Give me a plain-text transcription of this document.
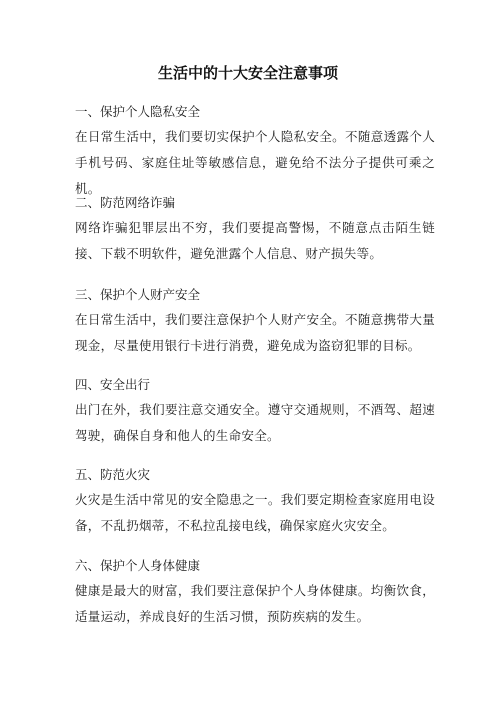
生活中的十大安全注意事项

一、保护个人隐私安全

在日常生活中，我们要切实保护个人隐私安全。不随意透露个人手机号码、家庭住址等敏感信息，避免给不法分子提供可乘之机。

二、防范网络诈骗

网络诈骗犯罪层出不穷，我们要提高警惕，不随意点击陌生链接、下载不明软件，避免泄露个人信息、财产损失等。

三、保护个人财产安全

在日常生活中，我们要注意保护个人财产安全。不随意携带大量现金，尽量使用银行卡进行消费，避免成为盗窃犯罪的目标。

四、安全出行

出门在外，我们要注意交通安全。遵守交通规则，不酒驾、超速驾驶，确保自身和他人的生命安全。

五、防范火灾

火灾是生活中常见的安全隐患之一。我们要定期检查家庭用电设备，不乱扔烟蒂，不私拉乱接电线，确保家庭火灾安全。

六、保护个人身体健康

健康是最大的财富，我们要注意保护个人身体健康。均衡饮食，适量运动，养成良好的生活习惯，预防疾病的发生。
